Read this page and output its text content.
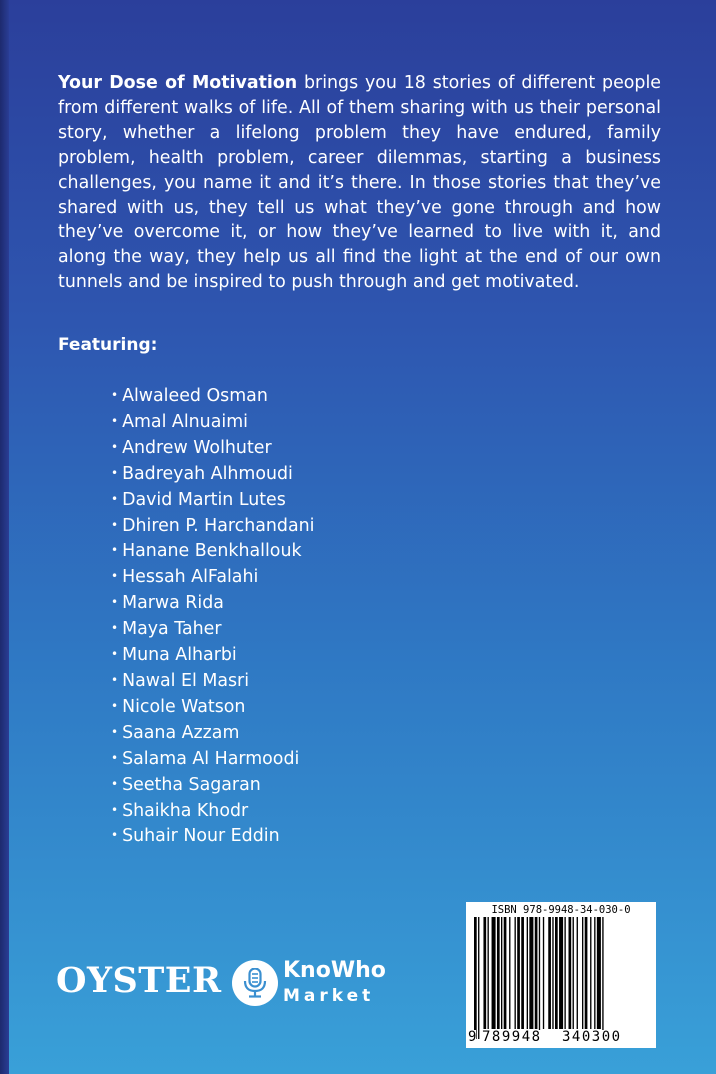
Your Dose of Motivation brings you 18 stories of different people from different walks of life. All of them sharing with us their personal story, whether a lifelong problem they have endured, family problem, health problem, career dilemmas, starting a business challenges, you name it and it’s there. In those stories that they’ve shared with us, they tell us what they’ve gone through and how they’ve overcome it, or how they’ve learned to live with it, and along the way, they help us all find the light at the end of our own tunnels and be inspired to push through and get motivated.

Featuring:

• Alwaleed Osman
• Amal Alnuaimi
• Andrew Wolhuter
• Badreyah Alhmoudi
• David Martin Lutes
• Dhiren P. Harchandani
• Hanane Benkhallouk
• Hessah AlFalahi
• Marwa Rida
• Maya Taher
• Muna Alharbi
• Nawal El Masri
• Nicole Watson
• Saana Azzam
• Salama Al Harmoodi
• Seetha Sagaran
• Shaikha Khodr
• Suhair Nour Eddin

OYSTER	KnoWho
Market
ISBN 978-9948-34-030-0
9 789948 340300
